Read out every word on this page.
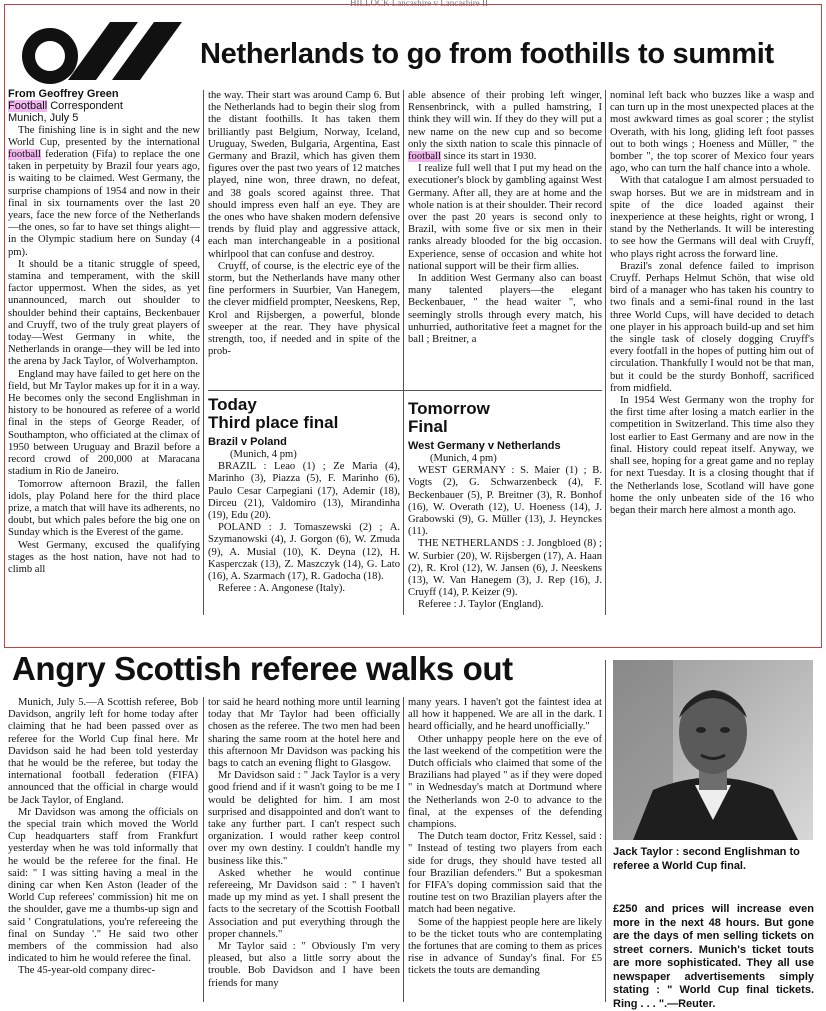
HILLOCK Lancashire v Lancashire II
Netherlands to go from foothills to summit

From Geoffrey Green

Football Correspondent

Munich, July 5

The finishing line is in sight and the new World Cup, presented by the international football federation (Fifa) to replace the one taken in perpetuity by Brazil four years ago, is waiting to be claimed. West Germany, the surprise champions of 1954 and now in their final in six tournaments over the last 20 years, face the new force of the Netherlands—the ones, so far to have set things alight—in the Olympic stadium here on Sunday (4 pm).

It should be a titanic struggle of speed, stamina and temperament, with the skill factor uppermost. When the sides, as yet unannounced, march out shoulder to shoulder behind their captains, Beckenbauer and Cruyff, two of the truly great players of today—West Germany in white, the Netherlands in orange—they will be led into the arena by Jack Taylor, of Wolverhampton.

England may have failed to get here on the field, but Mr Taylor makes up for it in a way. He becomes only the second Englishman in history to be honoured as referee of a world final in the steps of George Reader, of Southampton, who officiated at the climax of 1950 between Uruguay and Brazil before a record crowd of 200,000 at Maracana stadium in Rio de Janeiro.

Tomorrow afternoon Brazil, the fallen idols, play Poland here for the third place prize, a match that will have its adherents, no doubt, but which pales before the big one on Sunday which is the Everest of the game.

West Germany, excused the qualifying stages as the host nation, have not had to climb all

the way. Their start was around Camp 6. But the Netherlands had to begin their slog from the distant foothills. It has taken them brilliantly past Belgium, Norway, Iceland, Uruguay, Sweden, Bulgaria, Argentina, East Germany and Brazil, which has given them figures over the past two years of 12 matches played, nine won, three drawn, no defeat, and 38 goals scored against three. That should impress even half an eye. They are the ones who have shaken modern defensive trends by fluid play and aggressive attack, each man interchangeable in a positional whirlpool that can confuse and destroy.

Cruyff, of course, is the electric eye of the storm, but the Netherlands have many other fine performers in Suurbier, Van Hanegem, the clever midfield prompter, Neeskens, Rep, Krol and Rijsbergen, a powerful, blonde sweeper at the rear. They have physical strength, too, if needed and in spite of the prob-

able absence of their probing left winger, Rensenbrinck, with a pulled hamstring, I think they will win. If they do they will put a new name on the new cup and so become only the sixth nation to scale this pinnacle of football since its start in 1930.

I realize full well that I put my head on the executioner's block by gambling against West Germany. After all, they are at home and the whole nation is at their shoulder. Their record over the past 20 years is second only to Brazil, with some five or six men in their ranks already blooded for the big occasion. Experience, sense of occasion and white hot national support will be their firm allies.

In addition West Germany also can boast many talented players—the elegant Beckenbauer, " the head waiter ", who seemingly strolls through every match, his unhurried, authoritative feet a magnet for the ball ; Breitner, a

nominal left back who buzzes like a wasp and can turn up in the most unexpected places at the most awkward times as goal scorer ; the stylist Overath, with his long, gliding left foot passes out to both wings ; Hoeness and Müller, " the bomber ", the top scorer of Mexico four years ago, who can turn the half chance into a whole.

With that catalogue I am almost persuaded to swap horses. But we are in midstream and in spite of the dice loaded against their inexperience at these heights, right or wrong, I stand by the Netherlands. It will be interesting to see how the Germans will deal with Cruyff, who plays right across the forward line.

Brazil's zonal defence failed to imprison Cruyff. Perhaps Helmut Schön, that wise old bird of a manager who has taken his country to two finals and a semi-final round in the last three World Cups, will have decided to detach one player in his approach build-up and set him the single task of closely dogging Cruyff's every footfall in the hopes of putting him out of circulation. Thankfully I would not be that man, but it could be the sturdy Bonhoff, sacrificed from midfield.

In 1954 West Germany won the trophy for the first time after losing a match earlier in the competition in Switzerland. This time also they lost earlier to East Germany and are now in the final. History could repeat itself. Anyway, we shall see, hoping for a great game and no replay for next Tuesday. It is a closing thought that if the Netherlands lose, Scotland will have gone home the only unbeaten side of the 16 who began their march here almost a month ago.

Today
Third place final
Brazil v Poland

(Munich, 4 pm)

BRAZIL : Leao (1) ; Ze Maria (4), Marinho (3), Piazza (5), F. Marinho (6), Paulo Cesar Carpegiani (17), Ademir (18), Dirceu (21), Valdomiro (13), Mirandinha (19), Edu (20).

POLAND : J. Tomaszewski (2) ; A. Szymanowski (4), J. Gorgon (6), W. Zmuda (9), A. Musial (10), K. Deyna (12), H. Kasperczak (13), Z. Maszczyk (14), G. Lato (16), A. Szarmach (17), R. Gadocha (18).

Referee : A. Angonese (Italy).

Tomorrow
Final
West Germany v Netherlands

(Munich, 4 pm)

WEST GERMANY : S. Maier (1) ; B. Vogts (2), G. Schwarzenbeck (4), F. Beckenbauer (5), P. Breitner (3), R. Bonhof (16), W. Overath (12), U. Hoeness (14), J. Grabowski (9), G. Müller (13), J. Heynckes (11).

THE NETHERLANDS : J. Jongbloed (8) ; W. Surbier (20), W. Rijsbergen (17), A. Haan (2), R. Krol (12), W. Jansen (6), J. Neeskens (13), W. Van Hanegem (3), J. Rep (16), J. Cruyff (14), P. Keizer (9).

Referee : J. Taylor (England).

Angry Scottish referee walks out

Munich, July 5.—A Scottish referee, Bob Davidson, angrily left for home today after claiming that he had been passed over as referee for the World Cup final here. Mr Davidson said he had been told yesterday that he would be the referee, but today the international football federation (FIFA) announced that the official in charge would be Jack Taylor, of England.

Mr Davidson was among the officials on the special train which moved the World Cup headquarters staff from Frankfurt yesterday when he was told informally that he would be the referee for the final. He said: " I was sitting having a meal in the dining car when Ken Aston (leader of the World Cup referees' commission) hit me on the shoulder, gave me a thumbs-up sign and said ' Congratulations, you're refereeing the final on Sunday '." He said two other members of the commission had also indicated to him he would referee the final.

The 45-year-old company direc-

tor said he heard nothing more until learning today that Mr Taylor had been officially chosen as the referee. The two men had been sharing the same room at the hotel here and this afternoon Mr Davidson was packing his bags to catch an evening flight to Glasgow.

Mr Davidson said : " Jack Taylor is a very good friend and if it wasn't going to be me I would be delighted for him. I am most surprised and disappointed and don't want to take any further part. I can't respect such organization. I would rather keep control over my own destiny. I couldn't handle my business like this."

Asked whether he would continue refereeing, Mr Davidson said : " I haven't made up my mind as yet. I shall present the facts to the secretary of the Scottish Football Association and put everything through the proper channels."

Mr Taylor said : " Obviously I'm very pleased, but also a little sorry about the trouble. Bob Davidson and I have been friends for many

many years. I haven't got the faintest idea at all how it happened. We are all in the dark. I heard officially, and he heard unofficially."

Other unhappy people here on the eve of the last weekend of the competition were the Dutch officials who claimed that some of the Brazilians had played " as if they were doped " in Wednesday's match at Dortmund where the Netherlands won 2-0 to advance to the final, at the expenses of the defending champions.

The Dutch team doctor, Fritz Kessel, said : " Instead of testing two players from each side for drugs, they should have tested all four Brazilian defenders." But a spokesman for FIFA's doping commission said that the routine test on two Brazilian players after the match had been negative.

Some of the happiest people here are likely to be the ticket touts who are contemplating the fortunes that are coming to them as prices rise in advance of Sunday's final. For £5 tickets the touts are demanding

Jack Taylor : second Englishman to referee a World Cup final.

£250 and prices will increase even more in the next 48 hours. But gone are the days of men selling tickets on street corners. Munich's ticket touts are more sophisticated. They all use newspaper advertisements simply stating : " World Cup final tickets. Ring . . . ".—Reuter.
